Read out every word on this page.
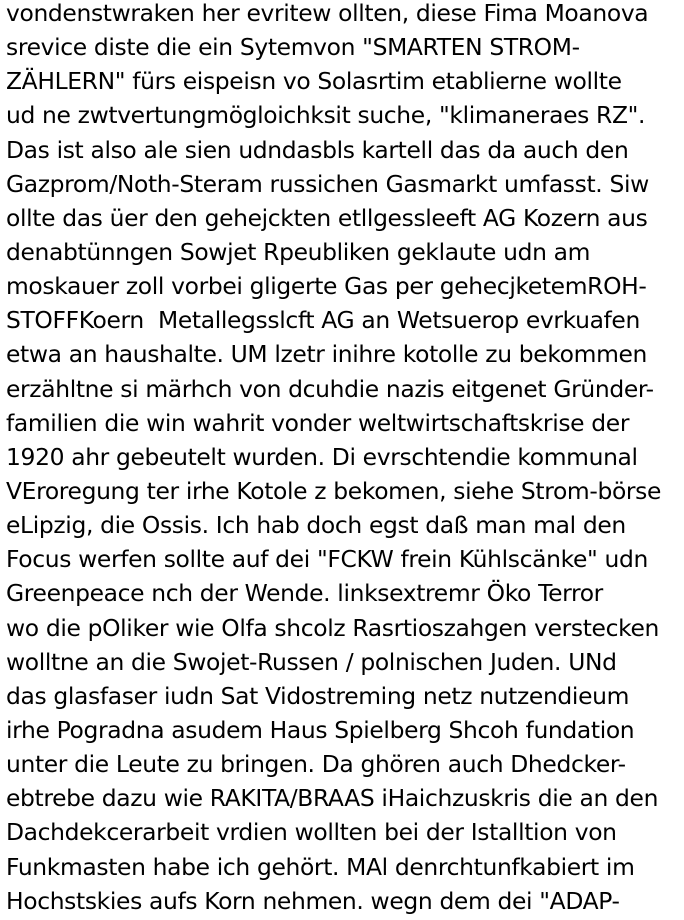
vondenstwraken her evritew ollten, diese Fima Moanova
srevice diste die ein Sytemvon "SMARTEN STROM-
ZÄHLERN" fürs eispeisn vo Solasrtim etablierne wollte
ud ne zwtvertungmögloichksit suche, "klimaneraes RZ".
Das ist also ale sien udndasbls kartell das da auch den
Gazprom/Noth-Steram russichen Gasmarkt umfasst. Siw
ollte das üer den gehejckten etllgessleeft AG Kozern aus
denabtünngen Sowjet Rpeubliken geklaute udn am
moskauer zoll vorbei gligerte Gas per gehecjketemROH-
STOFFKoern  Metallegsslcft AG an Wetsuerop evrkuafen
etwa an haushalte. UM lzetr inihre kotolle zu bekommen
erzähltne si märhch von dcuhdie nazis eitgenet Gründer-
familien die win wahrit vonder weltwirtschaftskrise der
1920 ahr gebeutelt wurden. Di evrschtendie kommunal
VEroregung ter irhe Kotole z bekomen, siehe Strom-börse
eLipzig, die Ossis. Ich hab doch egst daß man mal den
Focus werfen sollte auf dei "FCKW frein Kühlscänke" udn
Greenpeace nch der Wende. linksextremr Öko Terror
wo die pOliker wie Olfa shcolz Rasrtioszahgen verstecken
wolltne an die Swojet-Russen / polnischen Juden. UNd
das glasfaser iudn Sat Vidostreming netz nutzendieum
irhe Pogradna asudem Haus Spielberg Shcoh fundation
unter die Leute zu bringen. Da ghören auch Dhedcker-
ebtrebe dazu wie RAKITA/BRAAS iHaichzuskris die an den
Dachdekcerarbeit vrdien wollten bei der Istalltion von
Funkmasten habe ich gehört. MAl denrchtunfkabiert im
Hochstskies aufs Korn nehmen. wegn dem dei "ADAP-
